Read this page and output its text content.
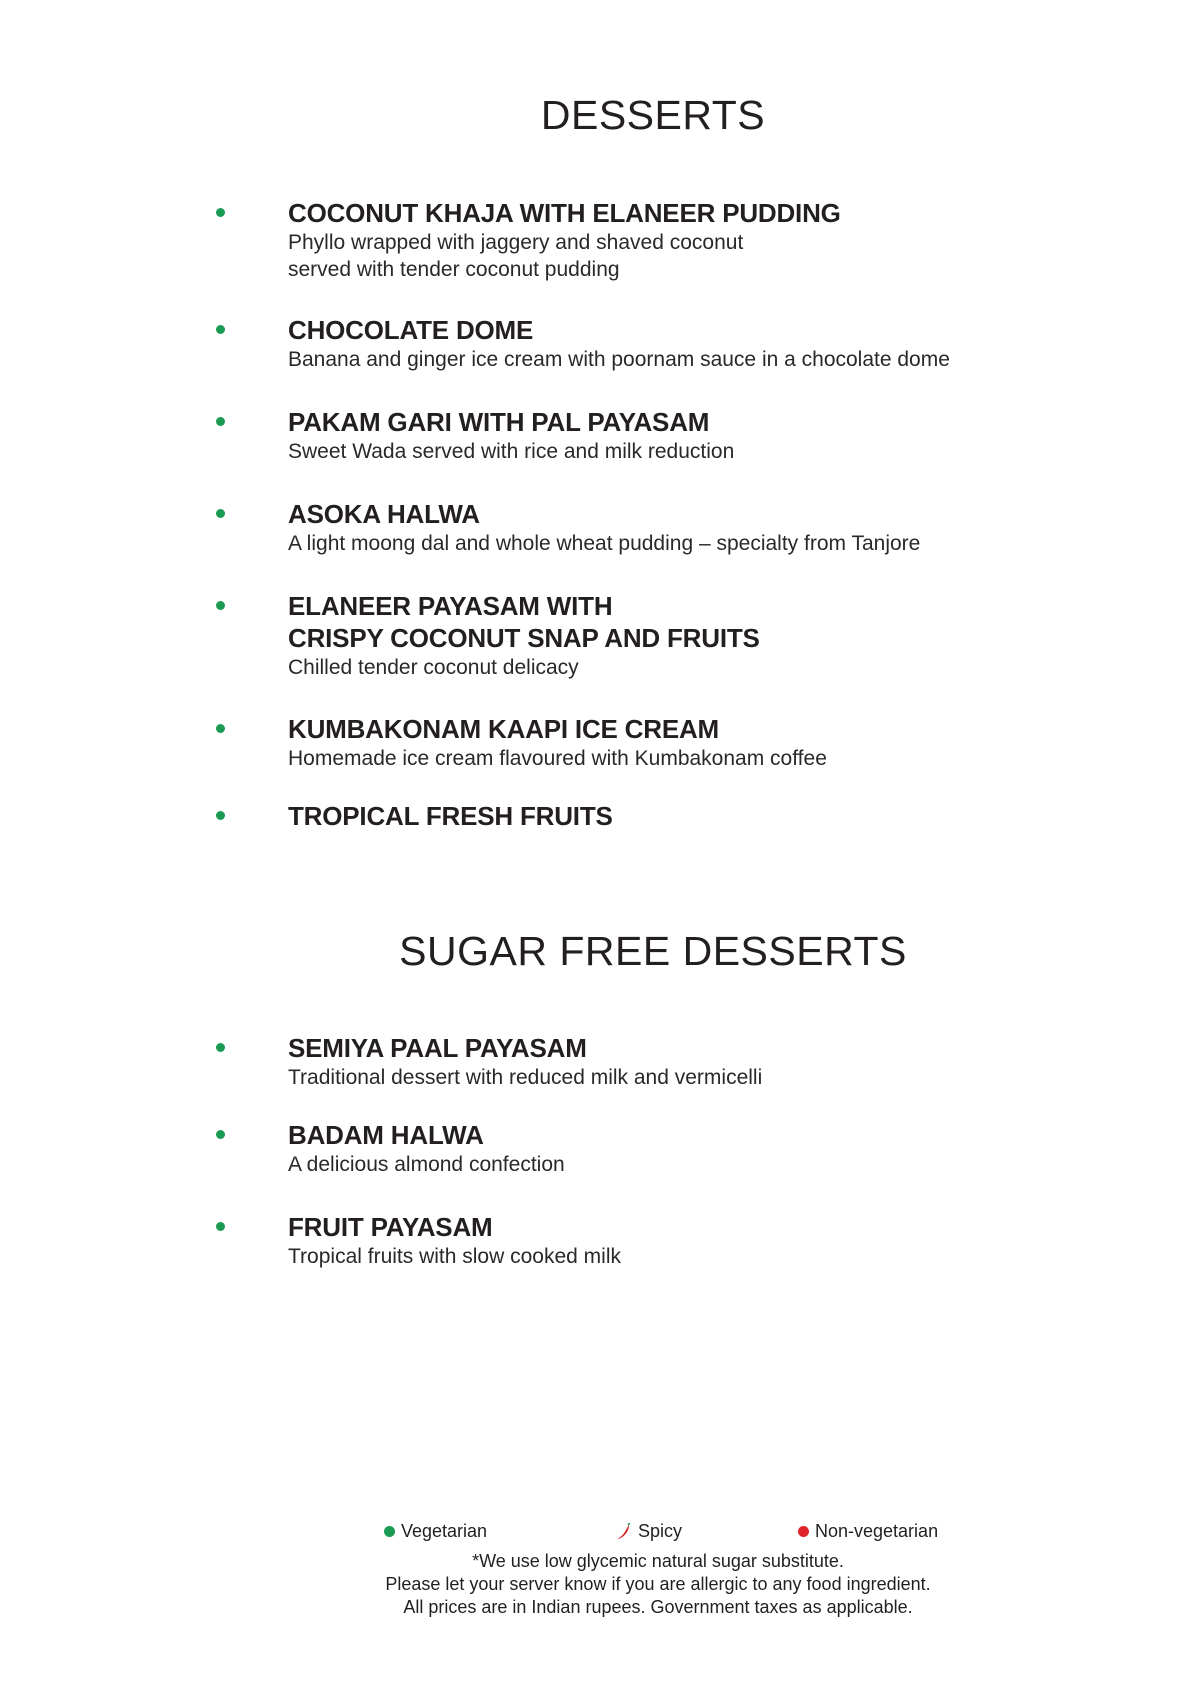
DESSERTS
COCONUT KHAJA WITH ELANEER PUDDING
Phyllo wrapped with jaggery and shaved coconut
served with tender coconut pudding
CHOCOLATE DOME
Banana and ginger ice cream with poornam sauce in a chocolate dome
PAKAM GARI WITH PAL PAYASAM
Sweet Wada served with rice and milk reduction
ASOKA HALWA
A light moong dal and whole wheat pudding – specialty from Tanjore
ELANEER PAYASAM WITH
CRISPY COCONUT SNAP AND FRUITS
Chilled tender coconut delicacy
KUMBAKONAM KAAPI ICE CREAM
Homemade ice cream flavoured with Kumbakonam coffee
TROPICAL FRESH FRUITS
SUGAR FREE DESSERTS
SEMIYA PAAL PAYASAM
Traditional dessert with reduced milk and vermicelli
BADAM HALWA
A delicious almond confection
FRUIT PAYASAM
Tropical fruits with slow cooked milk
Vegetarian	Spicy	Non-vegetarian
*We use low glycemic natural sugar substitute.
Please let your server know if you are allergic to any food ingredient.
All prices are in Indian rupees. Government taxes as applicable.
